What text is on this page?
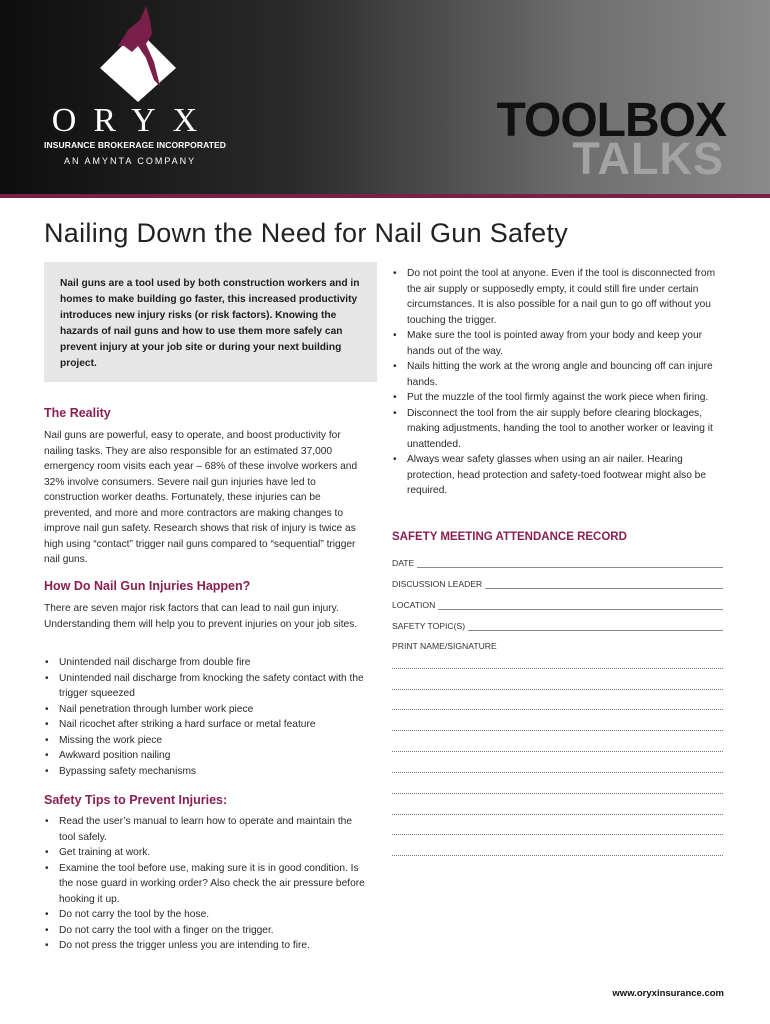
ORYX
INSURANCE BROKERAGE INCORPORATED
AN AMYNTA COMPANY	TALKS
TOOLBOX
Nailing Down the Need for Nail Gun Safety
Nail guns are a tool used by both construction workers and in homes to make building go faster, this increased productivity introduces new injury risks (or risk factors). Knowing the hazards of nail guns and how to use them more safely can prevent injury at your job site or during your next building project.
The Reality
Nail guns are powerful, easy to operate, and boost productivity for nailing tasks. They are also responsible for an estimated 37,000 emergency room visits each year – 68% of these involve workers and 32% involve consumers. Severe nail gun injuries have led to construction worker deaths. Fortunately, these injuries can be prevented, and more and more contractors are making changes to improve nail gun safety. Research shows that risk of injury is twice as high using “contact” trigger nail guns compared to “sequential” trigger nail guns.
How Do Nail Gun Injuries Happen?
There are seven major risk factors that can lead to nail gun injury. Understanding them will help you to prevent injuries on your job sites.
• Unintended nail discharge from double fire
• Unintended nail discharge from knocking the safety contact with the trigger squeezed
• Nail penetration through lumber work piece
• Nail ricochet after striking a hard surface or metal feature
• Missing the work piece
• Awkward position nailing
• Bypassing safety mechanisms
Safety Tips to Prevent Injuries:
• Read the user’s manual to learn how to operate and maintain the tool safely.
• Get training at work.
• Examine the tool before use, making sure it is in good condition. Is the nose guard in working order? Also check the air pressure before hooking it up.
• Do not carry the tool by the hose.
• Do not carry the tool with a finger on the trigger.
• Do not press the trigger unless you are intending to fire.
• Do not point the tool at anyone. Even if the tool is disconnected from the air supply or supposedly empty, it could still fire under certain circumstances. It is also possible for a nail gun to go off without you touching the trigger.
• Make sure the tool is pointed away from your body and keep your hands out of the way.
• Nails hitting the work at the wrong angle and bouncing off can injure hands.
• Put the muzzle of the tool firmly against the work piece when firing.
• Disconnect the tool from the air supply before clearing blockages, making adjustments, handing the tool to another worker or leaving it unattended.
• Always wear safety glasses when using an air nailer. Hearing protection, head protection and safety-toed footwear might also be required.
SAFETY MEETING ATTENDANCE RECORD
DATE
DISCUSSION LEADER
LOCATION
SAFETY TOPIC(S)
PRINT NAME/SIGNATURE
www.oryxinsurance.com
